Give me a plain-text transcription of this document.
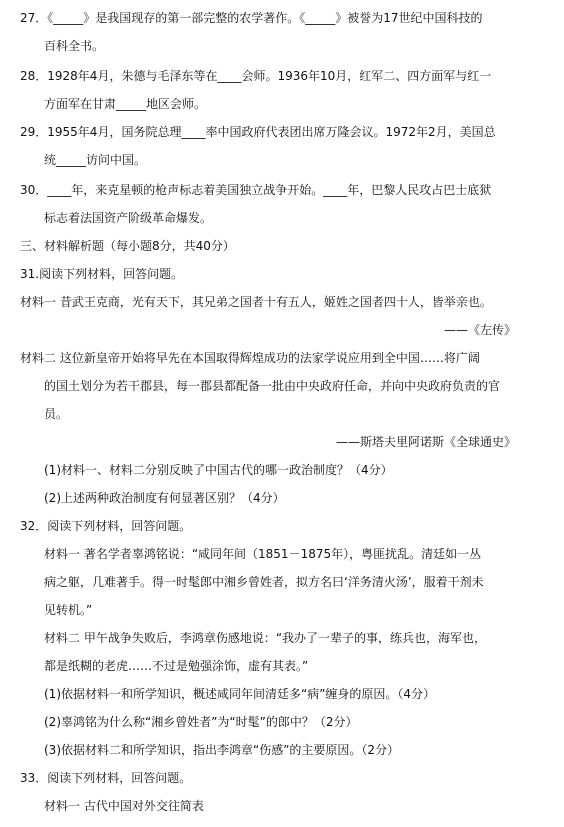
27．《_____》是我国现存的第一部完整的农学著作。《_____》被誉为17世纪中国科技的
百科全书。
28．1928年4月，朱德与毛泽东等在____会师。1936年10月，红军二、四方面军与红一
方面军在甘肃_____地区会师。
29．1955年4月，国务院总理____率中国政府代表团出席万隆会议。1972年2月，美国总
统_____访问中国。
30．____年，来克星顿的枪声标志着美国独立战争开始。____年，巴黎人民攻占巴士底狱
标志着法国资产阶级革命爆发。
三、材料解析题（每小题8分，共40分）
31.阅读下列材料，回答问题。
材料一 昔武王克商，光有天下，其兄弟之国者十有五人，姬姓之国者四十人，皆举亲也。
——《左传》
材料二 这位新皇帝开始将早先在本国取得辉煌成功的法家学说应用到全中国……将广阔
的国土划分为若干郡县，每一郡县都配备一批由中央政府任命，并向中央政府负责的官
员。
——斯塔夫里阿诺斯《全球通史》
(1)材料一、材料二分别反映了中国古代的哪一政治制度？（4分）
(2)上述两种政治制度有何显著区别？（4分）
32．阅读下列材料，回答问题。
材料一 著名学者辜鸿铭说：“咸同年间（1851－1875年），粤匪扰乱。清廷如一丛
病之躯，几难著手。得一时髦郎中湘乡曾姓者，拟方名曰‘洋务清火汤’，服着干剂未
见转机。”
材料二 甲午战争失败后，李鸿章伤感地说：“我办了一辈子的事，练兵也，海军也，
都是纸糊的老虎……不过是勉强涂饰，虚有其表。”
(1)依据材料一和所学知识，概述咸同年间清廷多“病”缠身的原因。（4分）
(2)辜鸿铭为什么称“湘乡曾姓者”为“时髦”的郎中？（2分）
(3)依据材料二和所学知识，指出李鸿章“伤感”的主要原因。（2分）
33．阅读下列材料，回答问题。
材料一 古代中国对外交往简表
